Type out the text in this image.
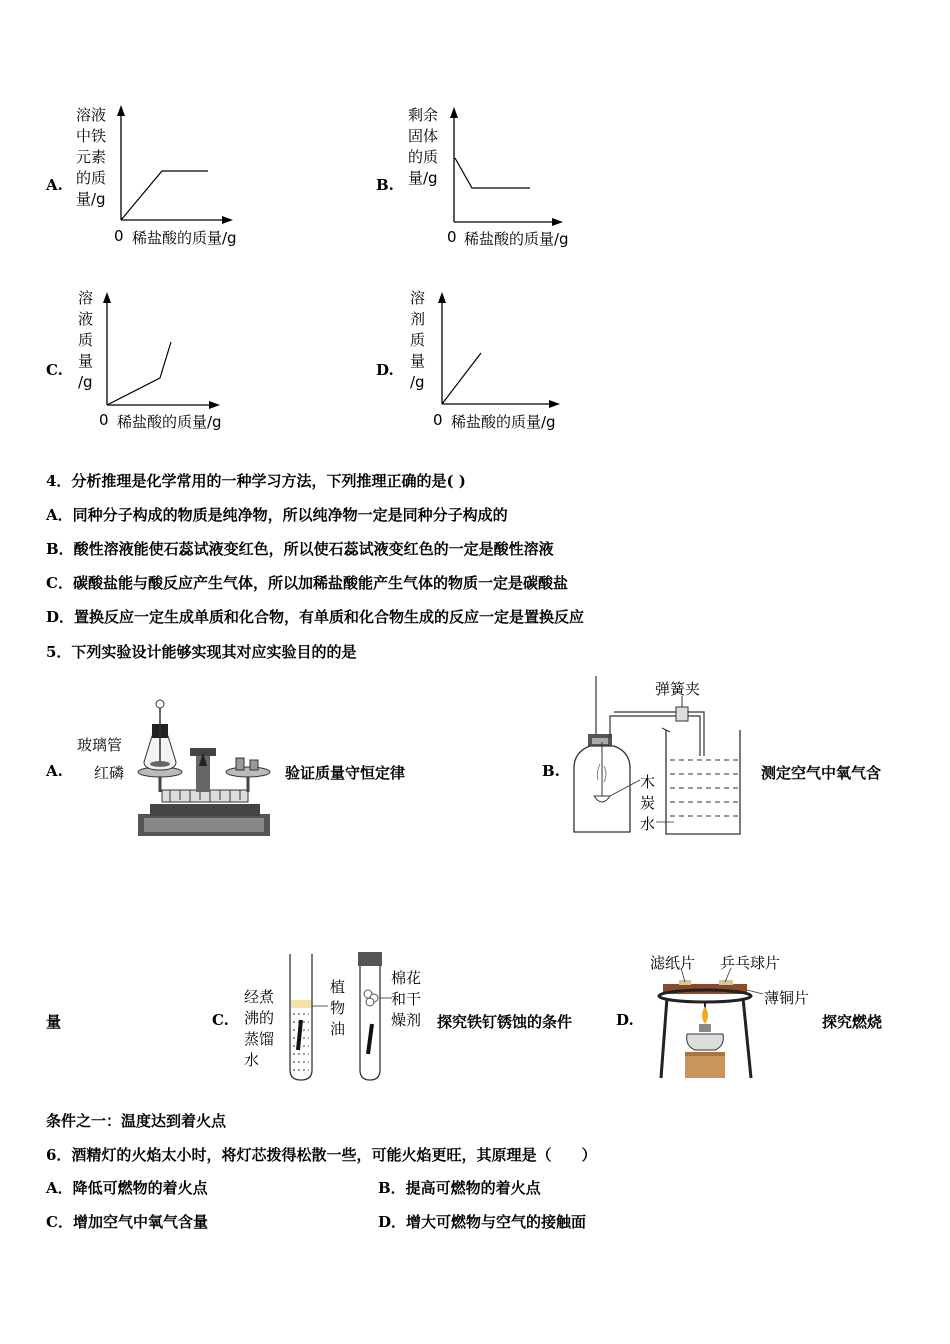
A.
溶液
中铁
元素
的质
量/g
0 稀盐酸的质量/g
B.
剩余
固体
的质
量/g
0 稀盐酸的质量/g
C.
溶
液
质
量
/g
0 稀盐酸的质量/g
D.
溶
剂
质
量
/g
0 稀盐酸的质量/g
4．分析推理是化学常用的一种学习方法，下列推理正确的是( )
A．同种分子构成的物质是纯净物，所以纯净物一定是同种分子构成的
B．酸性溶液能使石蕊试液变红色，所以使石蕊试液变红色的一定是酸性溶液
C．碳酸盐能与酸反应产生气体，所以加稀盐酸能产生气体的物质一定是碳酸盐
D．置换反应一定生成单质和化合物，有单质和化合物生成的反应一定是置换反应
5．下列实验设计能够实现其对应实验目的的是
A.
玻璃管
红磷	验证质量守恒定律	B.
弹簧夹
木
炭
水
测定空气中氧气含
量	C.
经煮
沸的
蒸馏
水
植
物
油
棉花
和干
燥剂 探究铁钉锈蚀的条件	D.
滤纸片 乒乓球片
薄铜片
探究燃烧
条件之一：温度达到着火点
6．酒精灯的火焰太小时，将灯芯拨得松散一些，可能火焰更旺，其原理是（　　）
A．降低可燃物的着火点	B．提高可燃物的着火点
C．增加空气中氧气含量	D．增大可燃物与空气的接触面
